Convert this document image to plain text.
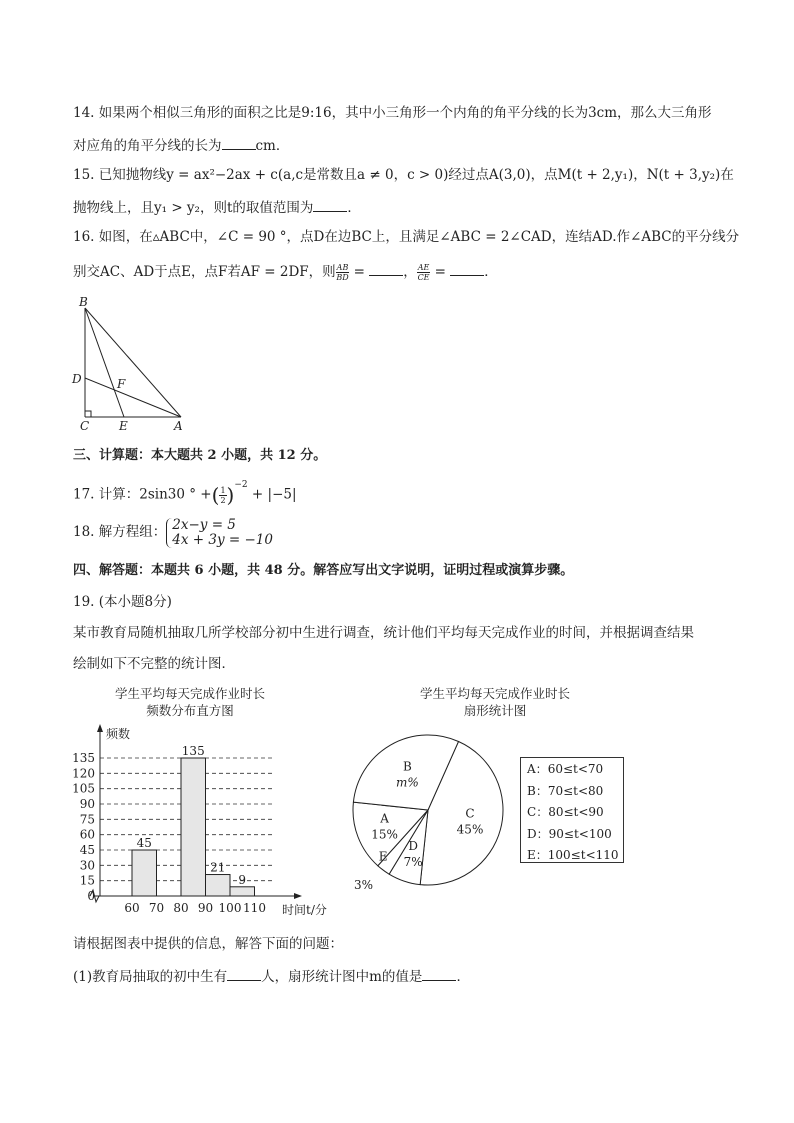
14. 如果两个相似三角形的面积之比是9:16，其中小三角形一个内角的角平分线的长为3cm，那么大三角形
对应角的角平分线的长为	cm．
15. 已知抛物线y = ax²−2ax + c(a,c是常数且a ≠ 0，c > 0)经过点A(3,0)，点M(t + 2,y₁)，N(t + 3,y₂)在
抛物线上，且y₁ > y₂，则t的取值范围为	．
16. 如图，在▵ABC中，∠C = 90 °，点D在边BC上，且满足∠ABC = 2∠CAD，连结AD.作∠ABC的平分线分
别交AC、AD于点E，点F若AF = 2DF，则 $\frac{AB}{BD}$ =	， $\frac{AE}{CE}$ =	．
B
D	F
C E	A
三、计算题：本大题共 2 小题，共 12 分。
17. 计算：2sin30 ° +( $\frac{1}{2} )^{-2} + |-5|$
18. 解方程组： 2x−y = 5
4x + 3y = −10
四、解答题：本题共 6 小题，共 48 分。解答应写出文字说明，证明过程或演算步骤。
19. (本小题8分)
某市教育局随机抽取几所学校部分初中生进行调查，统计他们平均每天完成作业的时间，并根据调查结果
绘制如下不完整的统计图．
学生平均每天完成作业时长
频数分布直方图
135
120
105
90
75
60
45
30
15
0
45
135
21
9
60 70 80 90 100 110
频数
时间t/分
学生平均每天完成作业时长
扇形统计图
C
45%
D
7%
E
3%
A
15%
B
m%
A：60≤t<70
B：70≤t<80
C：80≤t<90
D：90≤t<100
E：100≤t<110
请根据图表中提供的信息，解答下面的问题：
(1)教育局抽取的初中生有	人，扇形统计图中m的值是	．
